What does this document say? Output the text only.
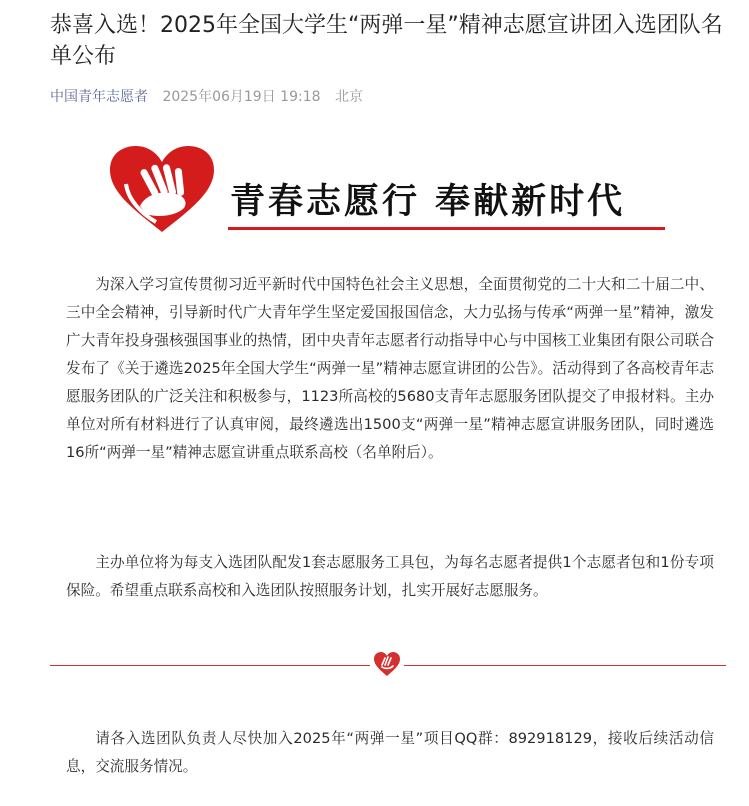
恭喜入选！2025年全国大学生“两弹一星”精神志愿宣讲团入选团队名单公布
中国青年志愿者 2025年06月19日 19:18 北京
青春志愿行 奉献新时代

为深入学习宣传贯彻习近平新时代中国特色社会主义思想，全面贯彻党的二十大和二十届二中、三中全会精神，引导新时代广大青年学生坚定爱国报国信念，大力弘扬与传承“两弹一星”精神，激发广大青年投身强核强国事业的热情，团中央青年志愿者行动指导中心与中国核工业集团有限公司联合发布了《关于遴选2025年全国大学生“两弹一星”精神志愿宣讲团的公告》。活动得到了各高校青年志愿服务团队的广泛关注和积极参与，1123所高校的5680支青年志愿服务团队提交了申报材料。主办单位对所有材料进行了认真审阅，最终遴选出1500支“两弹一星”精神志愿宣讲服务团队，同时遴选16所“两弹一星”精神志愿宣讲重点联系高校（名单附后）。

主办单位将为每支入选团队配发1套志愿服务工具包，为每名志愿者提供1个志愿者包和1份专项保险。希望重点联系高校和入选团队按照服务计划，扎实开展好志愿服务。

请各入选团队负责人尽快加入2025年“两弹一星”项目QQ群：892918129，接收后续活动信息，交流服务情况。
